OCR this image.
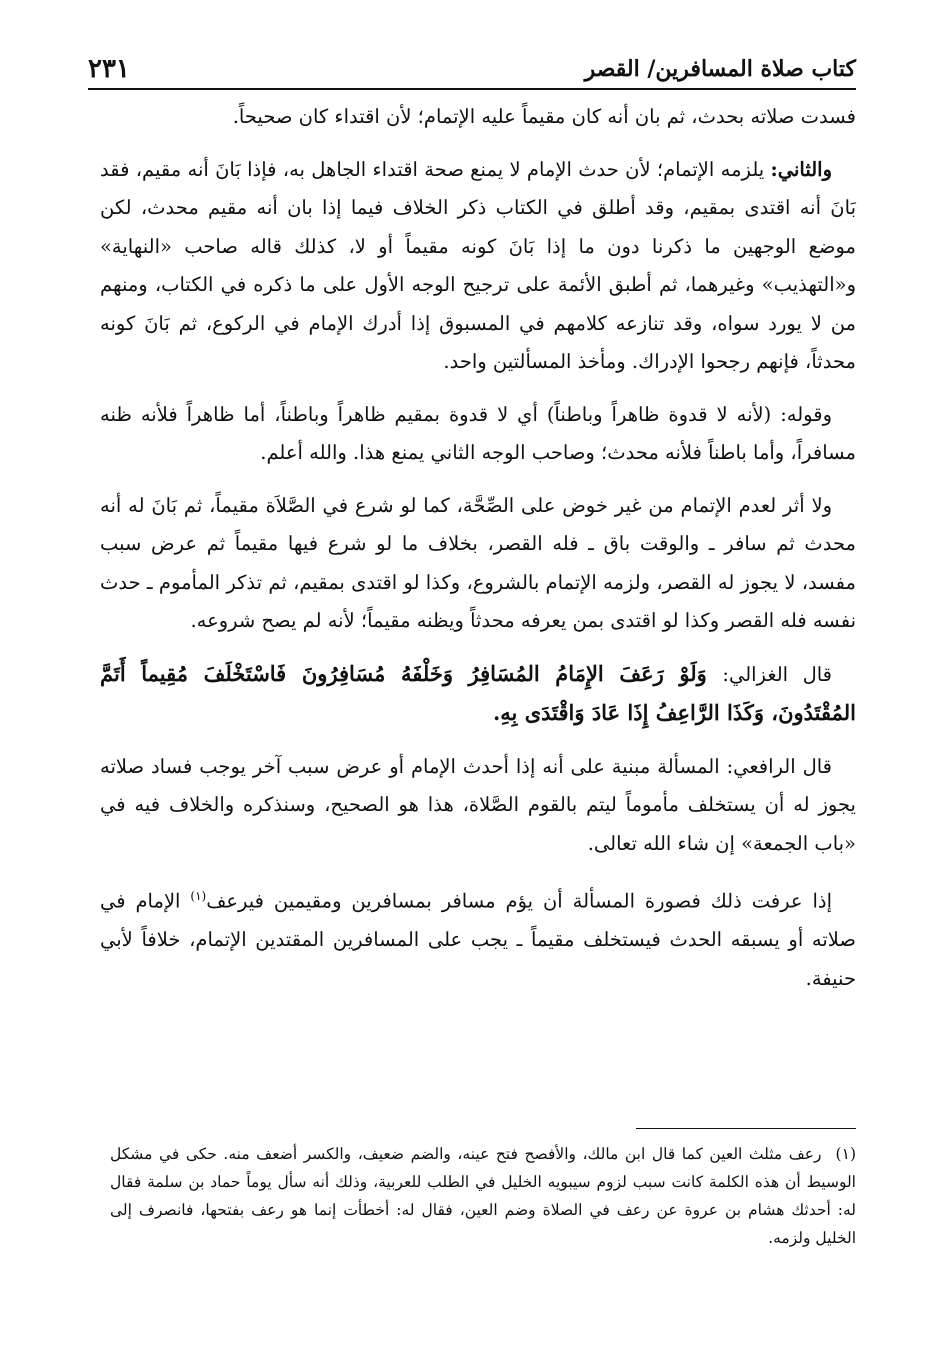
كتاب صلاة المسافرين/ القصر
٢٣١

فسدت صلاته بحدث، ثم بان أنه كان مقيماً عليه الإتمام؛ لأن اقتداء كان صحيحاً.

والثاني: يلزمه الإتمام؛ لأن حدث الإمام لا يمنع صحة اقتداء الجاهل به، فإذا بَانَ أنه مقيم، فقد بَانَ أنه اقتدى بمقيم، وقد أطلق في الكتاب ذكر الخلاف فيما إذا بان أنه مقيم محدث، لكن موضع الوجهين ما ذكرنا دون ما إذا بَانَ كونه مقيماً أو لا، كذلك قاله صاحب «النهاية» و«التهذيب» وغيرهما، ثم أطبق الأئمة على ترجيح الوجه الأول على ما ذكره في الكتاب، ومنهم من لا يورد سواه، وقد تنازعه كلامهم في المسبوق إذا أدرك الإمام في الركوع، ثم بَانَ كونه محدثاً، فإنهم رجحوا الإدراك. ومأخذ المسألتين واحد.

وقوله: (لأنه لا قدوة ظاهراً وباطناً) أي لا قدوة بمقيم ظاهراً وباطناً، أما ظاهراً فلأنه ظنه مسافراً، وأما باطناً فلأنه محدث؛ وصاحب الوجه الثاني يمنع هذا. والله أعلم.

ولا أثر لعدم الإتمام من غير خوض على الصِّحَّة، كما لو شرع في الصَّلاَة مقيماً، ثم بَانَ له أنه محدث ثم سافر ـ والوقت باق ـ فله القصر، بخلاف ما لو شرع فيها مقيماً ثم عرض سبب مفسد، لا يجوز له القصر، ولزمه الإتمام بالشروع، وكذا لو اقتدى بمقيم، ثم تذكر المأموم ـ حدث نفسه فله القصر وكذا لو اقتدى بمن يعرفه محدثاً ويظنه مقيماً؛ لأنه لم يصح شروعه.

قال الغزالي: وَلَوْ رَعَفَ الإِمَامُ المُسَافِرُ وَخَلْفَهُ مُسَافِرُونَ فَاسْتَخْلَفَ مُقِيماً أَتَمَّ المُقْتَدُونَ، وَكَذَا الرَّاعِفُ إِذَا عَادَ وَاقْتَدَى بِهِ.

قال الرافعي: المسألة مبنية على أنه إذا أحدث الإمام أو عرض سبب آخر يوجب فساد صلاته يجوز له أن يستخلف مأموماً ليتم بالقوم الصَّلاة، هذا هو الصحيح، وسنذكره والخلاف فيه في «باب الجمعة» إن شاء الله تعالى.

إذا عرفت ذلك فصورة المسألة أن يؤم مسافر بمسافرين ومقيمين فيرعف$^{(١)}$ الإمام في صلاته أو يسبقه الحدث فيستخلف مقيماً ـ يجب على المسافرين المقتدين الإتمام، خلافاً لأبي حنيفة.

(١)رعف مثلث العين كما قال ابن مالك، والأفصح فتح عينه، والضم ضعيف، والكسر أضعف منه. حكى في مشكل الوسيط أن هذه الكلمة كانت سبب لزوم سيبويه الخليل في الطلب للعربية، وذلك أنه سأل يوماً حماد بن سلمة فقال له: أحدثك هشام بن عروة عن رعف في الصلاة وضم العين، فقال له: أخطأت إنما هو رعف بفتحها، فانصرف إلى الخليل ولزمه.
